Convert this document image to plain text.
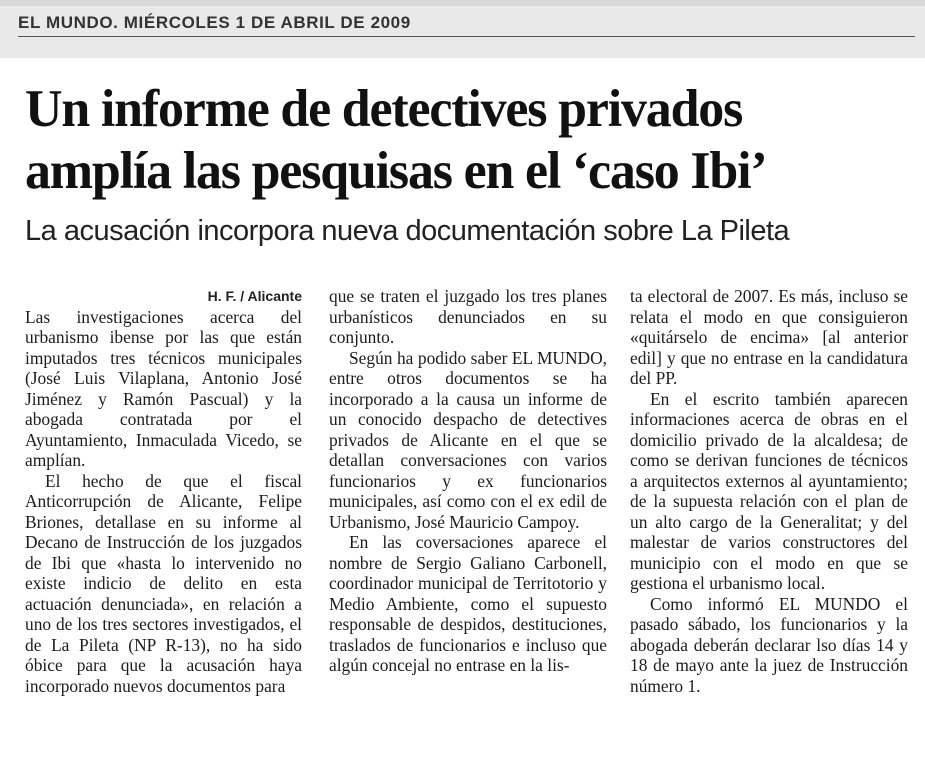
EL MUNDO. MIÉRCOLES 1 DE ABRIL DE 2009
Un informe de detectives privados amplía las pesquisas en el ‘caso Ibi’
La acusación incorpora nueva documentación sobre La Pileta
H. F. / Alicante

Las investigaciones acerca del urbanismo ibense por las que están imputados tres técnicos municipales (José Luis Vilaplana, Antonio José Jiménez y Ramón Pascual) y la abogada contratada por el Ayuntamiento, Inmaculada Vicedo, se amplían.

El hecho de que el fiscal Anticorrupción de Alicante, Felipe Briones, detallase en su informe al Decano de Instrucción de los juzgados de Ibi que «hasta lo intervenido no existe indicio de delito en esta actuación denunciada», en relación a uno de los tres sectores investigados, el de La Pileta (NP R-13), no ha sido óbice para que la acusación haya incorporado nuevos documentos para

que se traten el juzgado los tres planes urbanísticos denunciados en su conjunto.

Según ha podido saber EL MUNDO, entre otros documentos se ha incorporado a la causa un informe de un conocido despacho de detectives privados de Alicante en el que se detallan conversaciones con varios funcionarios y ex funcionarios municipales, así como con el ex edil de Urbanismo, José Mauricio Campoy.

En las coversaciones aparece el nombre de Sergio Galiano Carbonell, coordinador municipal de Territotorio y Medio Ambiente, como el supuesto responsable de despidos, destituciones, traslados de funcionarios e incluso que algún concejal no entrase en la lis-

ta electoral de 2007. Es más, incluso se relata el modo en que consiguieron «quitárselo de encima» [al anterior edil] y que no entrase en la candidatura del PP.

En el escrito también aparecen informaciones acerca de obras en el domicilio privado de la alcaldesa; de como se derivan funciones de técnicos a arquitectos externos al ayuntamiento; de la supuesta relación con el plan de un alto cargo de la Generalitat; y del malestar de varios constructores del municipio con el modo en que se gestiona el urbanismo local.

Como informó EL MUNDO el pasado sábado, los funcionarios y la abogada deberán declarar lso días 14 y 18 de mayo ante la juez de Instrucción número 1.
